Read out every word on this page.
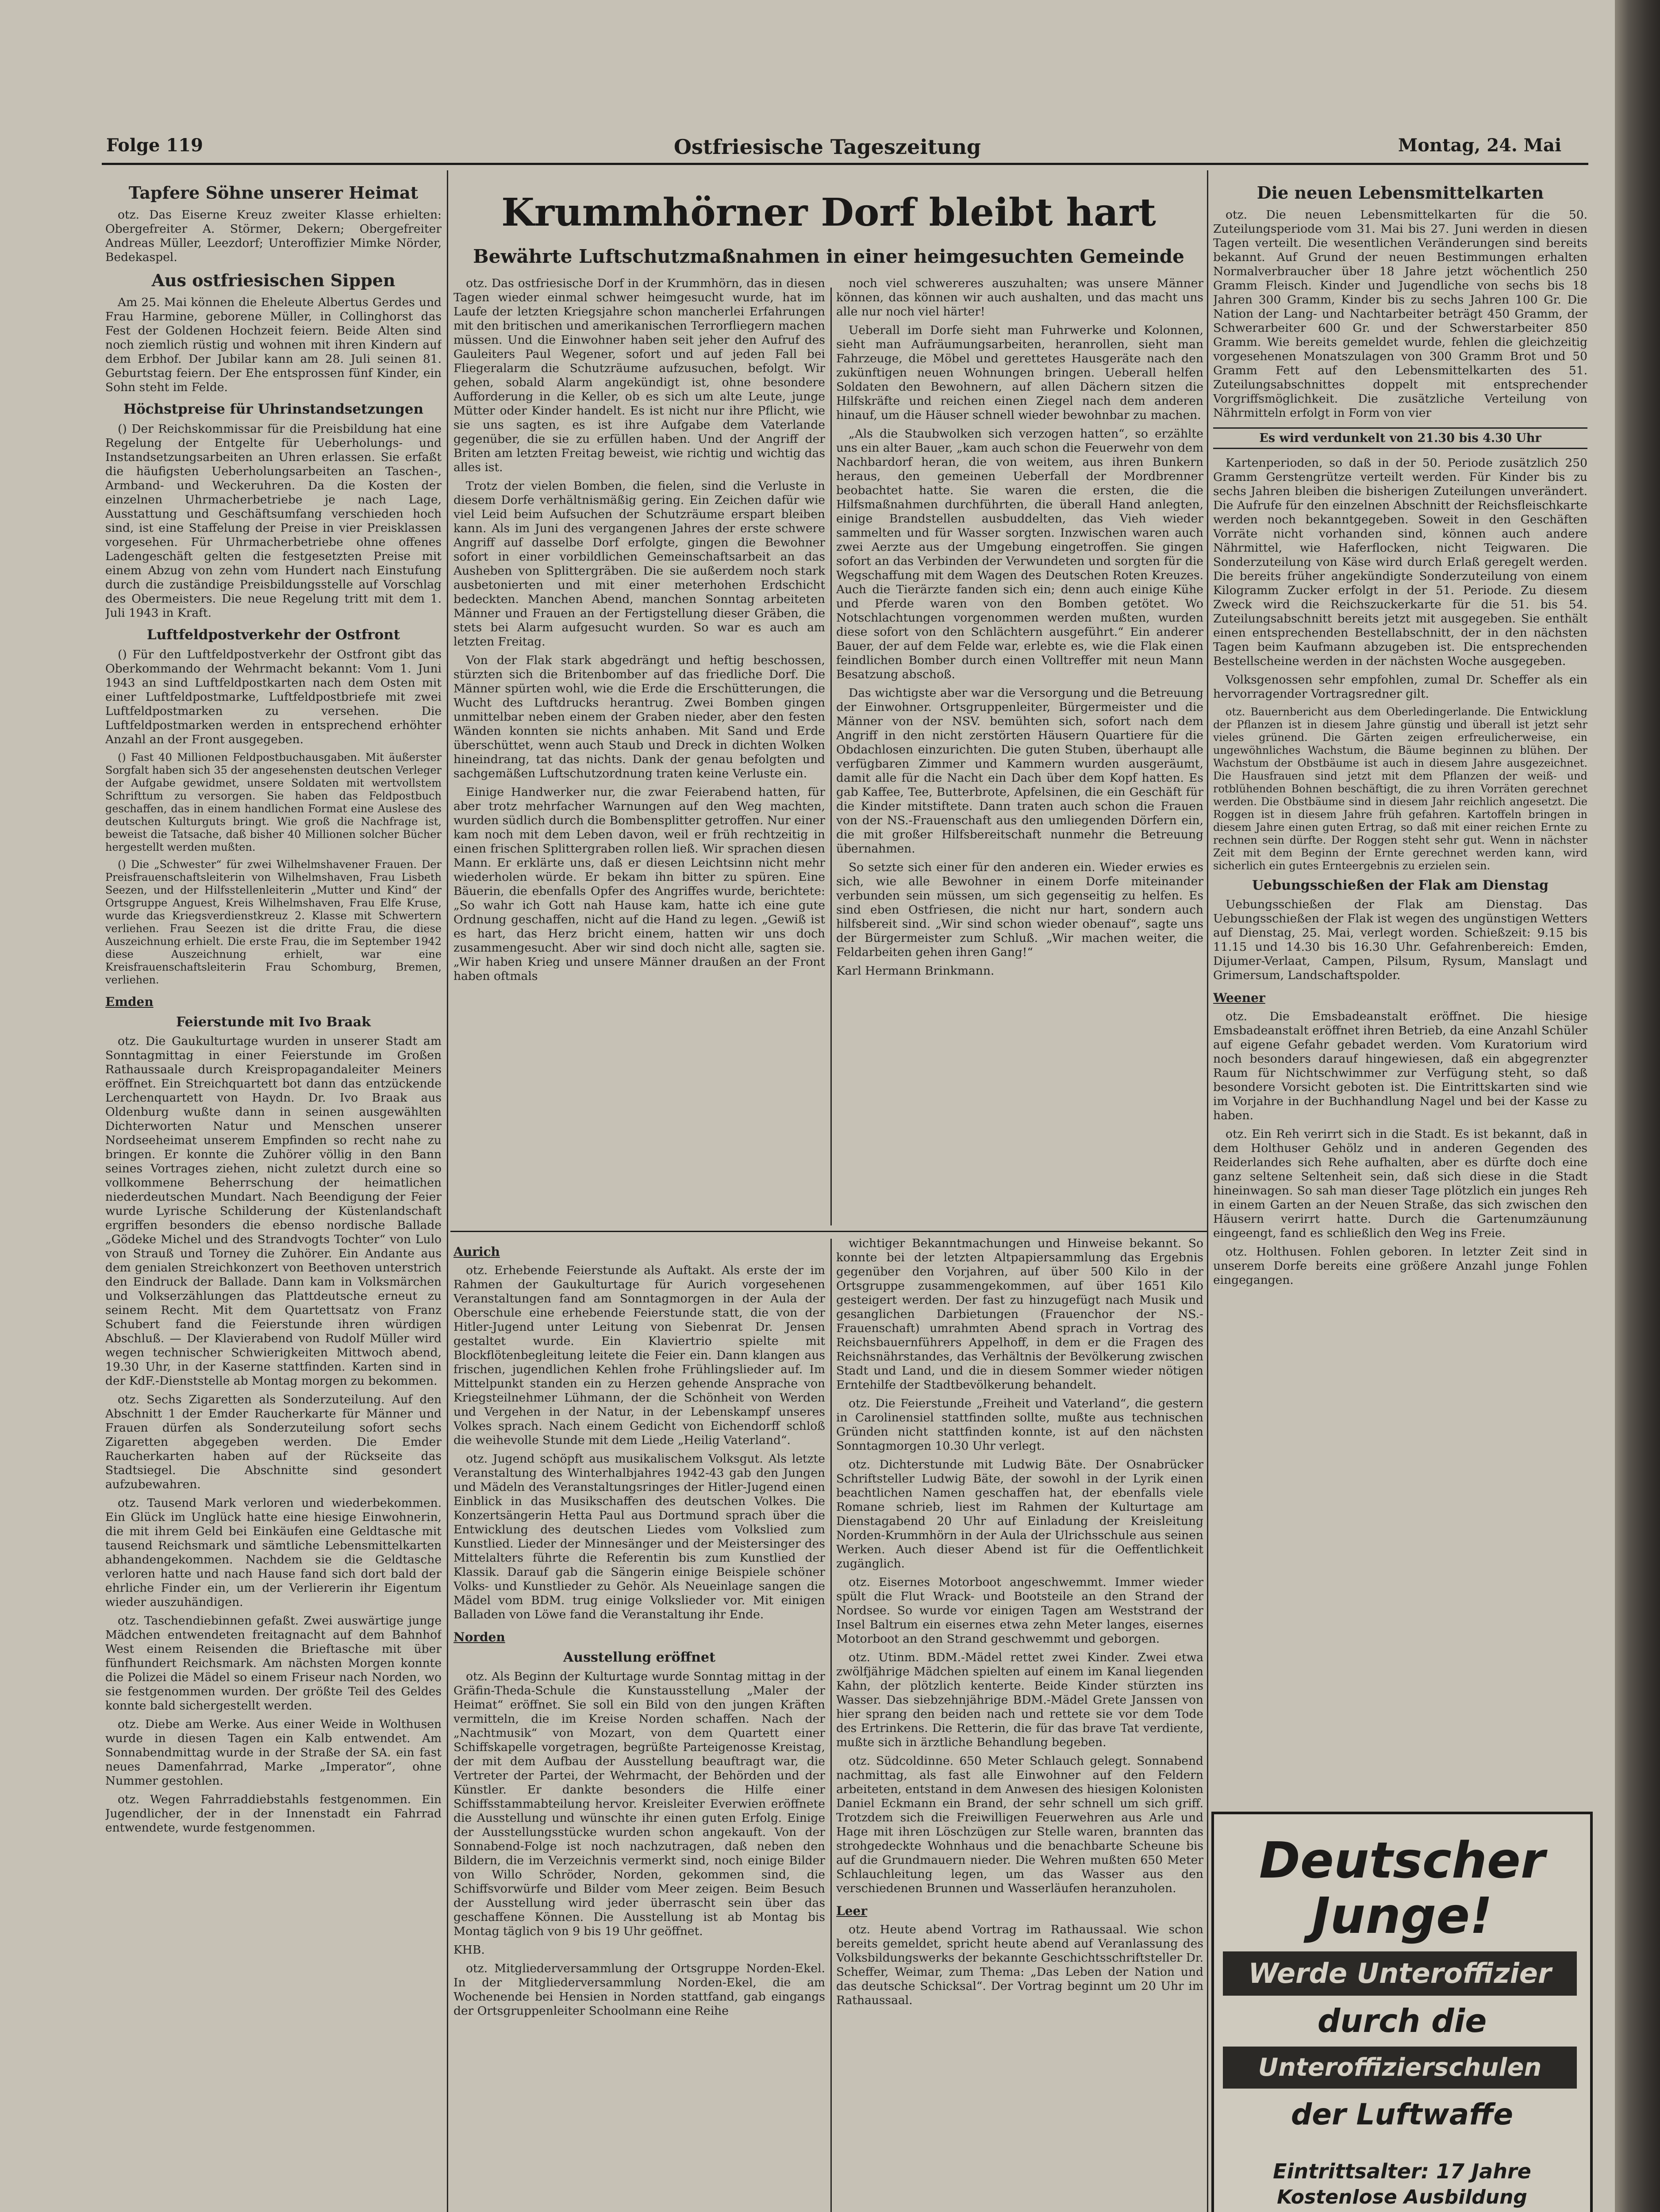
Folge 119	Ostfriesische Tageszeitung	Montag, 24. Mai
Tapfere Söhne unserer Heimat

otz. Das Eiserne Kreuz zweiter Klasse erhielten: Obergefreiter A. Störmer, Dekern; Obergefreiter Andreas Müller, Leezdorf; Unteroffizier Mimke Nörder, Bedekaspel.

Aus ostfriesischen Sippen

Am 25. Mai können die Eheleute Albertus Gerdes und Frau Harmine, geborene Müller, in Collinghorst das Fest der Goldenen Hochzeit feiern. Beide Alten sind noch ziemlich rüstig und wohnen mit ihren Kindern auf dem Erbhof. Der Jubilar kann am 28. Juli seinen 81. Geburtstag feiern. Der Ehe entsprossen fünf Kinder, ein Sohn steht im Felde.

Höchstpreise für Uhrinstandsetzungen

() Der Reichskommissar für die Preisbildung hat eine Regelung der Entgelte für Ueberholungs- und Instandsetzungsarbeiten an Uhren erlassen. Sie erfaßt die häufigsten Ueberholungsarbeiten an Taschen-, Armband- und Weckeruhren. Da die Kosten der einzelnen Uhrmacherbetriebe je nach Lage, Ausstattung und Geschäftsumfang verschieden hoch sind, ist eine Staffelung der Preise in vier Preisklassen vorgesehen. Für Uhrmacherbetriebe ohne offenes Ladengeschäft gelten die festgesetzten Preise mit einem Abzug von zehn vom Hundert nach Einstufung durch die zuständige Preisbildungsstelle auf Vorschlag des Obermeisters. Die neue Regelung tritt mit dem 1. Juli 1943 in Kraft.

Luftfeldpostverkehr der Ostfront

() Für den Luftfeldpostverkehr der Ostfront gibt das Oberkommando der Wehrmacht bekannt: Vom 1. Juni 1943 an sind Luftfeldpostkarten nach dem Osten mit einer Luftfeldpostmarke, Luftfeldpostbriefe mit zwei Luftfeldpostmarken zu versehen. Die Luftfeldpostmarken werden in entsprechend erhöhter Anzahl an der Front ausgegeben.

() Fast 40 Millionen Feldpostbuchausgaben. Mit äußerster Sorgfalt haben sich 35 der angesehensten deutschen Verleger der Aufgabe gewidmet, unsere Soldaten mit wertvollstem Schrifttum zu versorgen. Sie haben das Feldpostbuch geschaffen, das in einem handlichen Format eine Auslese des deutschen Kulturguts bringt. Wie groß die Nachfrage ist, beweist die Tatsache, daß bisher 40 Millionen solcher Bücher hergestellt werden mußten.

() Die „Schwester“ für zwei Wilhelmshavener Frauen. Der Preisfrauenschaftsleiterin von Wilhelmshaven, Frau Lisbeth Seezen, und der Hilfsstellenleiterin „Mutter und Kind“ der Ortsgruppe Anguest, Kreis Wilhelmshaven, Frau Elfe Kruse, wurde das Kriegsverdienstkreuz 2. Klasse mit Schwertern verliehen. Frau Seezen ist die dritte Frau, die diese Auszeichnung erhielt. Die erste Frau, die im September 1942 diese Auszeichnung erhielt, war eine Kreisfrauenschaftsleiterin Frau Schomburg, Bremen, verliehen.

Emden
Feierstunde mit Ivo Braak

otz. Die Gaukulturtage wurden in unserer Stadt am Sonntagmittag in einer Feierstunde im Großen Rathaussaale durch Kreispropagandaleiter Meiners eröffnet. Ein Streichquartett bot dann das entzückende Lerchenquartett von Haydn. Dr. Ivo Braak aus Oldenburg wußte dann in seinen ausgewählten Dichterworten Natur und Menschen unserer Nordseeheimat unserem Empfinden so recht nahe zu bringen. Er konnte die Zuhörer völlig in den Bann seines Vortrages ziehen, nicht zuletzt durch eine so vollkommene Beherrschung der heimatlichen niederdeutschen Mundart. Nach Beendigung der Feier wurde Lyrische Schilderung der Küstenlandschaft ergriffen besonders die ebenso nordische Ballade „Gödeke Michel und des Strandvogts Tochter“ von Lulo von Strauß und Torney die Zuhörer. Ein Andante aus dem genialen Streichkonzert von Beethoven unterstrich den Eindruck der Ballade. Dann kam in Volksmärchen und Volkserzählungen das Plattdeutsche erneut zu seinem Recht. Mit dem Quartettsatz von Franz Schubert fand die Feierstunde ihren würdigen Abschluß. — Der Klavierabend von Rudolf Müller wird wegen technischer Schwierigkeiten Mittwoch abend, 19.30 Uhr, in der Kaserne stattfinden. Karten sind in der KdF.-Dienststelle ab Montag morgen zu bekommen.

otz. Sechs Zigaretten als Sonderzuteilung. Auf den Abschnitt 1 der Emder Raucherkarte für Männer und Frauen dürfen als Sonderzuteilung sofort sechs Zigaretten abgegeben werden. Die Emder Raucherkarten haben auf der Rückseite das Stadtsiegel. Die Abschnitte sind gesondert aufzubewahren.

otz. Tausend Mark verloren und wiederbekommen. Ein Glück im Unglück hatte eine hiesige Einwohnerin, die mit ihrem Geld bei Einkäufen eine Geldtasche mit tausend Reichsmark und sämtliche Lebensmittelkarten abhandengekommen. Nachdem sie die Geldtasche verloren hatte und nach Hause fand sich dort bald der ehrliche Finder ein, um der Verliererin ihr Eigentum wieder auszuhändigen.

otz. Taschendiebinnen gefaßt. Zwei auswärtige junge Mädchen entwendeten freitagnacht auf dem Bahnhof West einem Reisenden die Brieftasche mit über fünfhundert Reichsmark. Am nächsten Morgen konnte die Polizei die Mädel so einem Friseur nach Norden, wo sie festgenommen wurden. Der größte Teil des Geldes konnte bald sichergestellt werden.

otz. Diebe am Werke. Aus einer Weide in Wolthusen wurde in diesen Tagen ein Kalb entwendet. Am Sonnabendmittag wurde in der Straße der SA. ein fast neues Damenfahrrad, Marke „Imperator“, ohne Nummer gestohlen.

otz. Wegen Fahrraddiebstahls festgenommen. Ein Jugendlicher, der in der Innenstadt ein Fahrrad entwendete, wurde festgenommen.

Krummhörner Dorf bleibt hart
Bewährte Luftschutzmaßnahmen in einer heimgesuchten Gemeinde

otz. Das ostfriesische Dorf in der Krummhörn, das in diesen Tagen wieder einmal schwer heimgesucht wurde, hat im Laufe der letzten Kriegsjahre schon mancherlei Erfahrungen mit den britischen und amerikanischen Terrorfliegern machen müssen. Und die Einwohner haben seit jeher den Aufruf des Gauleiters Paul Wegener, sofort und auf jeden Fall bei Fliegeralarm die Schutzräume aufzusuchen, befolgt. Wir gehen, sobald Alarm angekündigt ist, ohne besondere Aufforderung in die Keller, ob es sich um alte Leute, junge Mütter oder Kinder handelt. Es ist nicht nur ihre Pflicht, wie sie uns sagten, es ist ihre Aufgabe dem Vaterlande gegenüber, die sie zu erfüllen haben. Und der Angriff der Briten am letzten Freitag beweist, wie richtig und wichtig das alles ist.

Trotz der vielen Bomben, die fielen, sind die Verluste in diesem Dorfe verhältnismäßig gering. Ein Zeichen dafür wie viel Leid beim Aufsuchen der Schutzräume erspart bleiben kann. Als im Juni des vergangenen Jahres der erste schwere Angriff auf dasselbe Dorf erfolgte, gingen die Bewohner sofort in einer vorbildlichen Gemeinschaftsarbeit an das Ausheben von Splittergräben. Die sie außerdem noch stark ausbetonierten und mit einer meterhohen Erdschicht bedeckten. Manchen Abend, manchen Sonntag arbeiteten Männer und Frauen an der Fertigstellung dieser Gräben, die stets bei Alarm aufgesucht wurden. So war es auch am letzten Freitag.

Von der Flak stark abgedrängt und heftig beschossen, stürzten sich die Britenbomber auf das friedliche Dorf. Die Männer spürten wohl, wie die Erde die Erschütterungen, die Wucht des Luftdrucks herantrug. Zwei Bomben gingen unmittelbar neben einem der Graben nieder, aber den festen Wänden konnten sie nichts anhaben. Mit Sand und Erde überschüttet, wenn auch Staub und Dreck in dichten Wolken hineindrang, tat das nichts. Dank der genau befolgten und sachgemäßen Luftschutzordnung traten keine Verluste ein.

Einige Handwerker nur, die zwar Feierabend hatten, für aber trotz mehrfacher Warnungen auf den Weg machten, wurden südlich durch die Bombensplitter getroffen. Nur einer kam noch mit dem Leben davon, weil er früh rechtzeitig in einen frischen Splittergraben rollen ließ. Wir sprachen diesen Mann. Er erklärte uns, daß er diesen Leichtsinn nicht mehr wiederholen würde. Er bekam ihn bitter zu spüren. Eine Bäuerin, die ebenfalls Opfer des Angriffes wurde, berichtete: „So wahr ich Gott nah Hause kam, hatte ich eine gute Ordnung geschaffen, nicht auf die Hand zu legen. „Gewiß ist es hart, das Herz bricht einem, hatten wir uns doch zusammengesucht. Aber wir sind doch nicht alle, sagten sie. „Wir haben Krieg und unsere Männer draußen an der Front haben oftmals

noch viel schwereres auszuhalten; was unsere Männer können, das können wir auch aushalten, und das macht uns alle nur noch viel härter!

Ueberall im Dorfe sieht man Fuhrwerke und Kolonnen, sieht man Aufräumungsarbeiten, heranrollen, sieht man Fahrzeuge, die Möbel und gerettetes Hausgeräte nach den zukünftigen neuen Wohnungen bringen. Ueberall helfen Soldaten den Bewohnern, auf allen Dächern sitzen die Hilfskräfte und reichen einen Ziegel nach dem anderen hinauf, um die Häuser schnell wieder bewohnbar zu machen.

„Als die Staubwolken sich verzogen hatten“, so erzählte uns ein alter Bauer, „kam auch schon die Feuerwehr von dem Nachbardorf heran, die von weitem, aus ihren Bunkern heraus, den gemeinen Ueberfall der Mordbrenner beobachtet hatte. Sie waren die ersten, die die Hilfsmaßnahmen durchführten, die überall Hand anlegten, einige Brandstellen ausbuddelten, das Vieh wieder sammelten und für Wasser sorgten. Inzwischen waren auch zwei Aerzte aus der Umgebung eingetroffen. Sie gingen sofort an das Verbinden der Verwundeten und sorgten für die Wegschaffung mit dem Wagen des Deutschen Roten Kreuzes. Auch die Tierärzte fanden sich ein; denn auch einige Kühe und Pferde waren von den Bomben getötet. Wo Notschlachtungen vorgenommen werden mußten, wurden diese sofort von den Schlächtern ausgeführt.“ Ein anderer Bauer, der auf dem Felde war, erlebte es, wie die Flak einen feindlichen Bomber durch einen Volltreffer mit neun Mann Besatzung abschoß.

Das wichtigste aber war die Versorgung und die Betreuung der Einwohner. Ortsgruppenleiter, Bürgermeister und die Männer von der NSV. bemühten sich, sofort nach dem Angriff in den nicht zerstörten Häusern Quartiere für die Obdachlosen einzurichten. Die guten Stuben, überhaupt alle verfügbaren Zimmer und Kammern wurden ausgeräumt, damit alle für die Nacht ein Dach über dem Kopf hatten. Es gab Kaffee, Tee, Butterbrote, Apfelsinen, die ein Geschäft für die Kinder mitstiftete. Dann traten auch schon die Frauen von der NS.-Frauenschaft aus den umliegenden Dörfern ein, die mit großer Hilfsbereitschaft nunmehr die Betreuung übernahmen.

So setzte sich einer für den anderen ein. Wieder erwies es sich, wie alle Bewohner in einem Dorfe miteinander verbunden sein müssen, um sich gegenseitig zu helfen. Es sind eben Ostfriesen, die nicht nur hart, sondern auch hilfsbereit sind. „Wir sind schon wieder obenauf“, sagte uns der Bürgermeister zum Schluß. „Wir machen weiter, die Feldarbeiten gehen ihren Gang!“

Karl Hermann Brinkmann.

Aurich

otz. Erhebende Feierstunde als Auftakt. Als erste der im Rahmen der Gaukulturtage für Aurich vorgesehenen Veranstaltungen fand am Sonntagmorgen in der Aula der Oberschule eine erhebende Feierstunde statt, die von der Hitler-Jugend unter Leitung von Siebenrat Dr. Jensen gestaltet wurde. Ein Klaviertrio spielte mit Blockflötenbegleitung leitete die Feier ein. Dann klangen aus frischen, jugendlichen Kehlen frohe Frühlingslieder auf. Im Mittelpunkt standen ein zu Herzen gehende Ansprache von Kriegsteilnehmer Lühmann, der die Schönheit von Werden und Vergehen in der Natur, in der Lebenskampf unseres Volkes sprach. Nach einem Gedicht von Eichendorff schloß die weihevolle Stunde mit dem Liede „Heilig Vaterland“.

otz. Jugend schöpft aus musikalischem Volksgut. Als letzte Veranstaltung des Winterhalbjahres 1942-43 gab den Jungen und Mädeln des Veranstaltungsringes der Hitler-Jugend einen Einblick in das Musikschaffen des deutschen Volkes. Die Konzertsängerin Hetta Paul aus Dortmund sprach über die Entwicklung des deutschen Liedes vom Volkslied zum Kunstlied. Lieder der Minnesänger und der Meistersinger des Mittelalters führte die Referentin bis zum Kunstlied der Klassik. Darauf gab die Sängerin einige Beispiele schöner Volks- und Kunstlieder zu Gehör. Als Neueinlage sangen die Mädel vom BDM. trug einige Volkslieder vor. Mit einigen Balladen von Löwe fand die Veranstaltung ihr Ende.

Norden
Ausstellung eröffnet

otz. Als Beginn der Kulturtage wurde Sonntag mittag in der Gräfin-Theda-Schule die Kunstausstellung „Maler der Heimat“ eröffnet. Sie soll ein Bild von den jungen Kräften vermitteln, die im Kreise Norden schaffen. Nach der „Nachtmusik“ von Mozart, von dem Quartett einer Schiffskapelle vorgetragen, begrüßte Parteigenosse Kreistag, der mit dem Aufbau der Ausstellung beauftragt war, die Vertreter der Partei, der Wehrmacht, der Behörden und der Künstler. Er dankte besonders die Hilfe einer Schiffsstammabteilung hervor. Kreisleiter Everwien eröffnete die Ausstellung und wünschte ihr einen guten Erfolg. Einige der Ausstellungsstücke wurden schon angekauft. Von der Sonnabend-Folge ist noch nachzutragen, daß neben den Bildern, die im Verzeichnis vermerkt sind, noch einige Bilder von Willo Schröder, Norden, gekommen sind, die Schiffsvorwürfe und Bilder vom Meer zeigen. Beim Besuch der Ausstellung wird jeder überrascht sein über das geschaffene Können. Die Ausstellung ist ab Montag bis Montag täglich von 9 bis 19 Uhr geöffnet.

KHB.

otz. Mitgliederversammlung der Ortsgruppe Norden-Ekel. In der Mitgliederversammlung Norden-Ekel, die am Wochenende bei Hensien in Norden stattfand, gab eingangs der Ortsgruppenleiter Schoolmann eine Reihe

wichtiger Bekanntmachungen und Hinweise bekannt. So konnte bei der letzten Altpapiersammlung das Ergebnis gegenüber den Vorjahren, auf über 500 Kilo in der Ortsgruppe zusammengekommen, auf über 1651 Kilo gesteigert werden. Der fast zu hinzugefügt nach Musik und gesanglichen Darbietungen (Frauenchor der NS.-Frauenschaft) umrahmten Abend sprach in Vortrag des Reichsbauernführers Appelhoff, in dem er die Fragen des Reichsnährstandes, das Verhältnis der Bevölkerung zwischen Stadt und Land, und die in diesem Sommer wieder nötigen Erntehilfe der Stadtbevölkerung behandelt.

otz. Die Feierstunde „Freiheit und Vaterland“, die gestern in Carolinensiel stattfinden sollte, mußte aus technischen Gründen nicht stattfinden konnte, ist auf den nächsten Sonntagmorgen 10.30 Uhr verlegt.

otz. Dichterstunde mit Ludwig Bäte. Der Osnabrücker Schriftsteller Ludwig Bäte, der sowohl in der Lyrik einen beachtlichen Namen geschaffen hat, der ebenfalls viele Romane schrieb, liest im Rahmen der Kulturtage am Dienstagabend 20 Uhr auf Einladung der Kreisleitung Norden-Krummhörn in der Aula der Ulrichsschule aus seinen Werken. Auch dieser Abend ist für die Oeffentlichkeit zugänglich.

otz. Eisernes Motorboot angeschwemmt. Immer wieder spült die Flut Wrack- und Bootsteile an den Strand der Nordsee. So wurde vor einigen Tagen am Weststrand der Insel Baltrum ein eisernes etwa zehn Meter langes, eisernes Motorboot an den Strand geschwemmt und geborgen.

otz. Utinm. BDM.-Mädel rettet zwei Kinder. Zwei etwa zwölfjährige Mädchen spielten auf einem im Kanal liegenden Kahn, der plötzlich kenterte. Beide Kinder stürzten ins Wasser. Das siebzehnjährige BDM.-Mädel Grete Janssen von hier sprang den beiden nach und rettete sie vor dem Tode des Ertrinkens. Die Retterin, die für das brave Tat verdiente, mußte sich in ärztliche Behandlung begeben.

otz. Südcoldinne. 650 Meter Schlauch gelegt. Sonnabend nachmittag, als fast alle Einwohner auf den Feldern arbeiteten, entstand in dem Anwesen des hiesigen Kolonisten Daniel Eckmann ein Brand, der sehr schnell um sich griff. Trotzdem sich die Freiwilligen Feuerwehren aus Arle und Hage mit ihren Löschzügen zur Stelle waren, brannten das strohgedeckte Wohnhaus und die benachbarte Scheune bis auf die Grundmauern nieder. Die Wehren mußten 650 Meter Schlauchleitung legen, um das Wasser aus den verschiedenen Brunnen und Wasserläufen heranzuholen.

Leer

otz. Heute abend Vortrag im Rathaussaal. Wie schon bereits gemeldet, spricht heute abend auf Veranlassung des Volksbildungswerks der bekannte Geschichtsschriftsteller Dr. Scheffer, Weimar, zum Thema: „Das Leben der Nation und das deutsche Schicksal“. Der Vortrag beginnt um 20 Uhr im Rathaussaal.

Die neuen Lebensmittelkarten

otz. Die neuen Lebensmittelkarten für die 50. Zuteilungsperiode vom 31. Mai bis 27. Juni werden in diesen Tagen verteilt. Die wesentlichen Veränderungen sind bereits bekannt. Auf Grund der neuen Bestimmungen erhalten Normalverbraucher über 18 Jahre jetzt wöchentlich 250 Gramm Fleisch. Kinder und Jugendliche von sechs bis 18 Jahren 300 Gramm, Kinder bis zu sechs Jahren 100 Gr. Die Nation der Lang- und Nachtarbeiter beträgt 450 Gramm, der Schwerarbeiter 600 Gr. und der Schwerstarbeiter 850 Gramm. Wie bereits gemeldet wurde, fehlen die gleichzeitig vorgesehenen Monatszulagen von 300 Gramm Brot und 50 Gramm Fett auf den Lebensmittelkarten des 51. Zuteilungsabschnittes doppelt mit entsprechender Vorgriffsmöglichkeit. Die zusätzliche Verteilung von Nährmitteln erfolgt in Form von vier

Es wird verdunkelt von 21.30 bis 4.30 Uhr

Kartenperioden, so daß in der 50. Periode zusätzlich 250 Gramm Gerstengrütze verteilt werden. Für Kinder bis zu sechs Jahren bleiben die bisherigen Zuteilungen unverändert. Die Aufrufe für den einzelnen Abschnitt der Reichsfleischkarte werden noch bekanntgegeben. Soweit in den Geschäften Vorräte nicht vorhanden sind, können auch andere Nährmittel, wie Haferflocken, nicht Teigwaren. Die Sonderzuteilung von Käse wird durch Erlaß geregelt werden. Die bereits früher angekündigte Sonderzuteilung von einem Kilogramm Zucker erfolgt in der 51. Periode. Zu diesem Zweck wird die Reichszuckerkarte für die 51. bis 54. Zuteilungsabschnitt bereits jetzt mit ausgegeben. Sie enthält einen entsprechenden Bestellabschnitt, der in den nächsten Tagen beim Kaufmann abzugeben ist. Die entsprechenden Bestellscheine werden in der nächsten Woche ausgegeben.

Volksgenossen sehr empfohlen, zumal Dr. Scheffer als ein hervorragender Vortragsredner gilt.

otz. Bauernbericht aus dem Oberledingerlande. Die Entwicklung der Pflanzen ist in diesem Jahre günstig und überall ist jetzt sehr vieles grünend. Die Gärten zeigen erfreulicherweise, ein ungewöhnliches Wachstum, die Bäume beginnen zu blühen. Der Wachstum der Obstbäume ist auch in diesem Jahre ausgezeichnet. Die Hausfrauen sind jetzt mit dem Pflanzen der weiß- und rotblühenden Bohnen beschäftigt, die zu ihren Vorräten gerechnet werden. Die Obstbäume sind in diesem Jahr reichlich angesetzt. Die Roggen ist in diesem Jahre früh gefahren. Kartoffeln bringen in diesem Jahre einen guten Ertrag, so daß mit einer reichen Ernte zu rechnen sein dürfte. Der Roggen steht sehr gut. Wenn in nächster Zeit mit dem Beginn der Ernte gerechnet werden kann, wird sicherlich ein gutes Ernteergebnis zu erzielen sein.

Uebungsschießen der Flak am Dienstag

Uebungsschießen der Flak am Dienstag. Das Uebungsschießen der Flak ist wegen des ungünstigen Wetters auf Dienstag, 25. Mai, verlegt worden. Schießzeit: 9.15 bis 11.15 und 14.30 bis 16.30 Uhr. Gefahrenbereich: Emden, Dijumer-Verlaat, Campen, Pilsum, Rysum, Manslagt und Grimersum, Landschaftspolder.

Weener

otz. Die Emsbadeanstalt eröffnet. Die hiesige Emsbadeanstalt eröffnet ihren Betrieb, da eine Anzahl Schüler auf eigene Gefahr gebadet werden. Vom Kuratorium wird noch besonders darauf hingewiesen, daß ein abgegrenzter Raum für Nichtschwimmer zur Verfügung steht, so daß besondere Vorsicht geboten ist. Die Eintrittskarten sind wie im Vorjahre in der Buchhandlung Nagel und bei der Kasse zu haben.

otz. Ein Reh verirrt sich in die Stadt. Es ist bekannt, daß in dem Holthuser Gehölz und in anderen Gegenden des Reiderlandes sich Rehe aufhalten, aber es dürfte doch eine ganz seltene Seltenheit sein, daß sich diese in die Stadt hineinwagen. So sah man dieser Tage plötzlich ein junges Reh in einem Garten an der Neuen Straße, das sich zwischen den Häusern verirrt hatte. Durch die Gartenumzäunung eingeengt, fand es schließlich den Weg ins Freie.

otz. Holthusen. Fohlen geboren. In letzter Zeit sind in unserem Dorfe bereits eine größere Anzahl junge Fohlen eingegangen.

Deutscher
Junge!
Werde Unteroffizier
durch die
Unteroffizierschulen
der Luftwaffe
Eintrittsalter: 17 Jahre
Kostenlose Ausbildung
